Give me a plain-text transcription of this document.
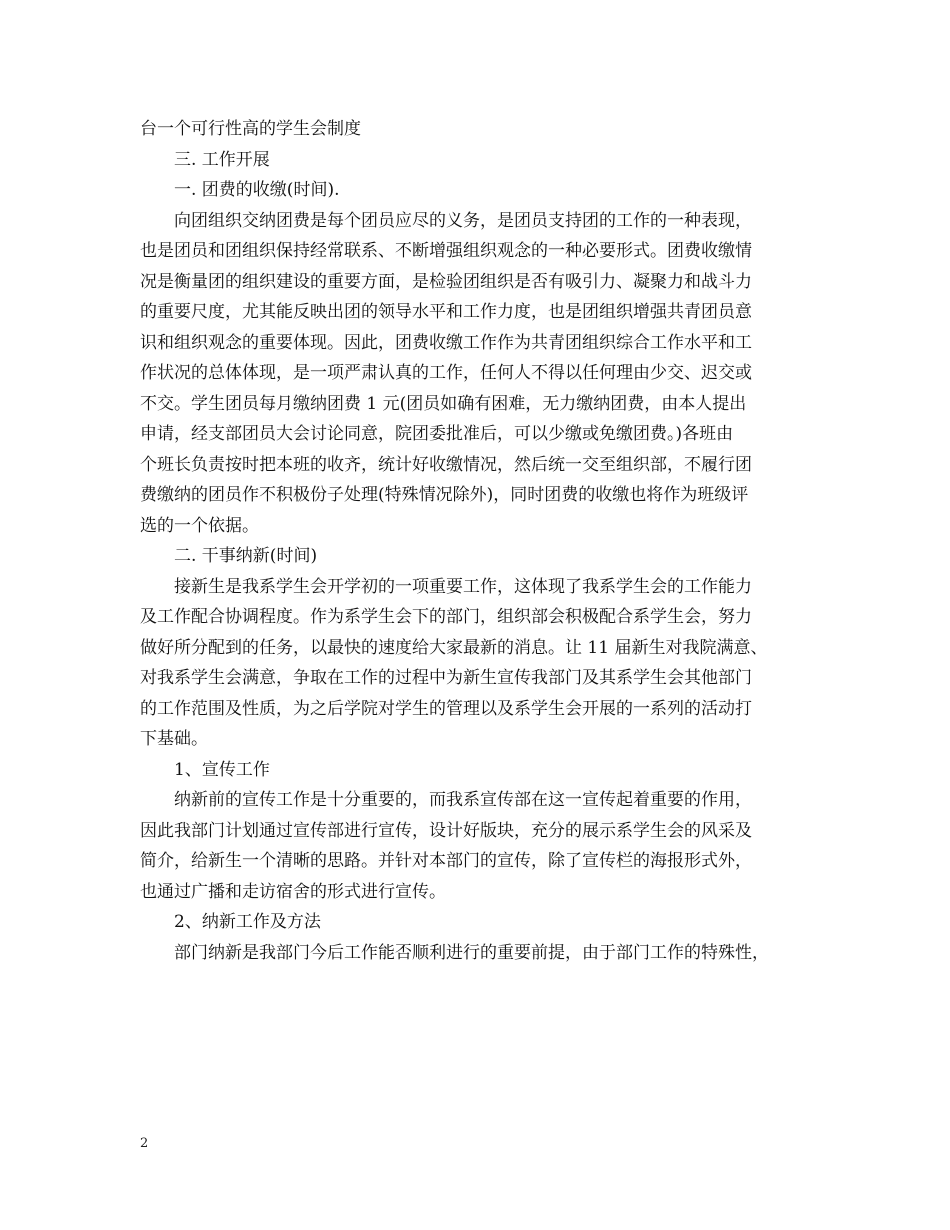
台一个可行性高的学生会制度
三. 工作开展
一. 团费的收缴(时间).
向团组织交纳团费是每个团员应尽的义务，是团员支持团的工作的一种表现，
也是团员和团组织保持经常联系、不断增强组织观念的一种必要形式。团费收缴情
况是衡量团的组织建设的重要方面，是检验团组织是否有吸引力、凝聚力和战斗力
的重要尺度，尤其能反映出团的领导水平和工作力度，也是团组织增强共青团员意
识和组织观念的重要体现。因此，团费收缴工作作为共青团组织综合工作水平和工
作状况的总体体现，是一项严肃认真的工作，任何人不得以任何理由少交、迟交或
不交。学生团员每月缴纳团费 1 元(团员如确有困难，无力缴纳团费，由本人提出
申请，经支部团员大会讨论同意，院团委批准后，可以少缴或免缴团费。)各班由
个班长负责按时把本班的收齐，统计好收缴情况，然后统一交至组织部，不履行团
费缴纳的团员作不积极份子处理(特殊情况除外)，同时团费的收缴也将作为班级评
选的一个依据。
二. 干事纳新(时间)
接新生是我系学生会开学初的一项重要工作，这体现了我系学生会的工作能力
及工作配合协调程度。作为系学生会下的部门，组织部会积极配合系学生会，努力
做好所分配到的任务，以最快的速度给大家最新的消息。让 11 届新生对我院满意、
对我系学生会满意，争取在工作的过程中为新生宣传我部门及其系学生会其他部门
的工作范围及性质，为之后学院对学生的管理以及系学生会开展的一系列的活动打
下基础。
1、宣传工作
纳新前的宣传工作是十分重要的，而我系宣传部在这一宣传起着重要的作用，
因此我部门计划通过宣传部进行宣传，设计好版块，充分的展示系学生会的风采及
简介，给新生一个清晰的思路。并针对本部门的宣传，除了宣传栏的海报形式外，
也通过广播和走访宿舍的形式进行宣传。
2、纳新工作及方法
部门纳新是我部门今后工作能否顺利进行的重要前提，由于部门工作的特殊性，
2
